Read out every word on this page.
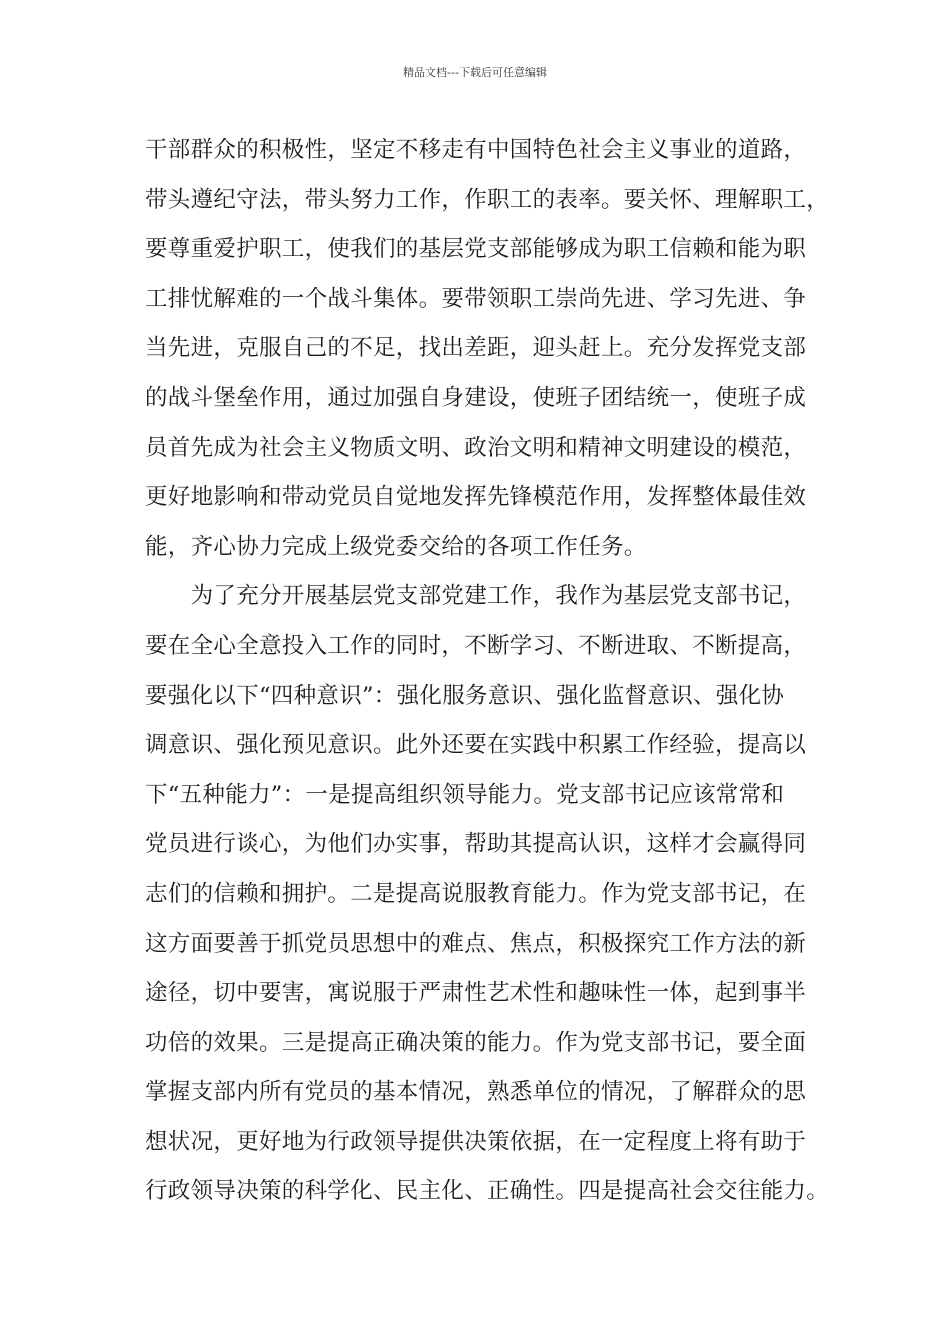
精品文档---下载后可任意编辑
干部群众的积极性，坚定不移走有中国特色社会主义事业的道路，
带头遵纪守法，带头努力工作，作职工的表率。要关怀、理解职工，
要尊重爱护职工，使我们的基层党支部能够成为职工信赖和能为职
工排忧解难的一个战斗集体。要带领职工崇尚先进、学习先进、争
当先进，克服自己的不足，找出差距，迎头赶上。充分发挥党支部
的战斗堡垒作用，通过加强自身建设，使班子团结统一，使班子成
员首先成为社会主义物质文明、政治文明和精神文明建设的模范，
更好地影响和带动党员自觉地发挥先锋模范作用，发挥整体最佳效
能，齐心协力完成上级党委交给的各项工作任务。
　　为了充分开展基层党支部党建工作，我作为基层党支部书记，
要在全心全意投入工作的同时，不断学习、不断进取、不断提高，
要强化以下“四种意识”：强化服务意识、强化监督意识、强化协
调意识、强化预见意识。此外还要在实践中积累工作经验，提高以
下“五种能力”：一是提高组织领导能力。党支部书记应该常常和
党员进行谈心，为他们办实事，帮助其提高认识，这样才会赢得同
志们的信赖和拥护。二是提高说服教育能力。作为党支部书记，在
这方面要善于抓党员思想中的难点、焦点，积极探究工作方法的新
途径，切中要害，寓说服于严肃性艺术性和趣味性一体，起到事半
功倍的效果。三是提高正确决策的能力。作为党支部书记，要全面
掌握支部内所有党员的基本情况，熟悉单位的情况，了解群众的思
想状况，更好地为行政领导提供决策依据，在一定程度上将有助于
行政领导决策的科学化、民主化、正确性。四是提高社会交往能力。
